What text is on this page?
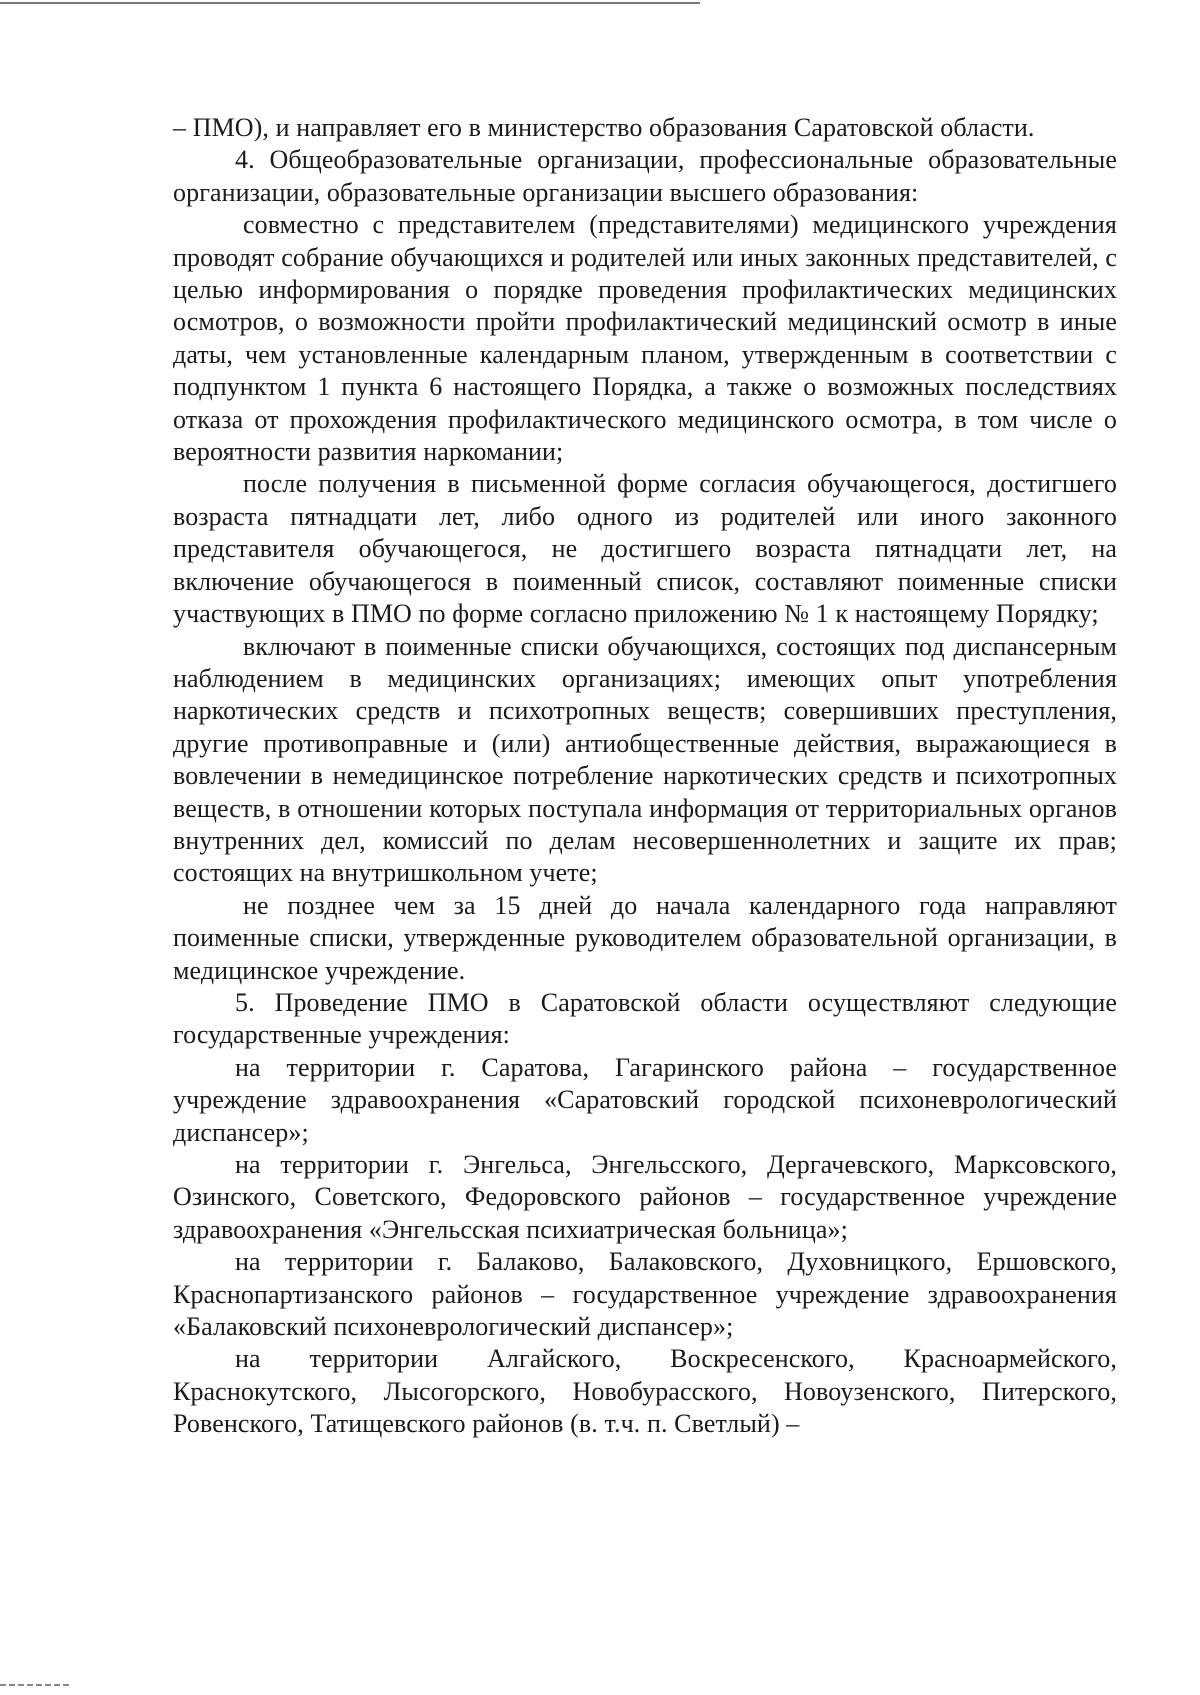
– ПМО), и направляет его в министерство образования Саратовской области.

4. Общеобразовательные организации, профессиональные образовательные организации, образовательные организации высшего образования:

совместно с представителем (представителями) медицинского учреждения проводят собрание обучающихся и родителей или иных законных представителей, с целью информирования о порядке проведения профилактических медицинских осмотров, о возможности пройти профилактический медицинский осмотр в иные даты, чем установленные календарным планом, утвержденным в соответствии с подпунктом 1 пункта 6 настоящего Порядка, а также о возможных последствиях отказа от прохождения профилактического медицинского осмотра, в том числе о вероятности развития наркомании;

после получения в письменной форме согласия обучающегося, достигшего возраста пятнадцати лет, либо одного из родителей или иного законного представителя обучающегося, не достигшего возраста пятнадцати лет, на включение обучающегося в поименный список, составляют поименные списки участвующих в ПМО по форме согласно приложению № 1 к настоящему Порядку;

включают в поименные списки обучающихся, состоящих под диспансерным наблюдением в медицинских организациях; имеющих опыт употребления наркотических средств и психотропных веществ; совершивших преступления, другие противоправные и (или) антиобщественные действия, выражающиеся в вовлечении в немедицинское потребление наркотических средств и психотропных веществ, в отношении которых поступала информация от территориальных органов внутренних дел, комиссий по делам несовершеннолетних и защите их прав; состоящих на внутришкольном учете;

не позднее чем за 15 дней до начала календарного года направляют поименные списки, утвержденные руководителем образовательной организации, в медицинское учреждение.

5. Проведение ПМО в Саратовской области осуществляют следующие государственные учреждения:

на территории г. Саратова, Гагаринского района – государственное учреждение здравоохранения «Саратовский городской психоневрологический диспансер»;

на территории г. Энгельса, Энгельсского, Дергачевского, Марксовского, Озинского, Советского, Федоровского районов – государственное учреждение здравоохранения «Энгельсская психиатрическая больница»;

на территории г. Балаково, Балаковского, Духовницкого, Ершовского, Краснопартизанского районов – государственное учреждение здравоохранения «Балаковский психоневрологический диспансер»;

на территории Алгайского, Воскресенского, Красноармейского, Краснокутского, Лысогорского, Новобурасского, Новоузенского, Питерского, Ровенского, Татищевского районов (в. т.ч. п. Светлый) –
